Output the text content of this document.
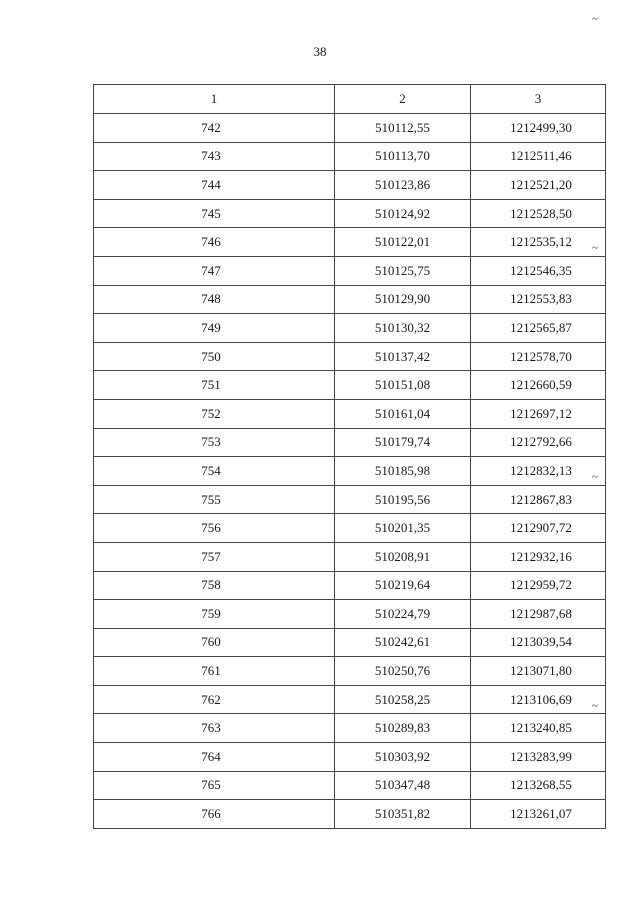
38
~
~
~
~
1	2	3
742	510112,55	1212499,30
743	510113,70	1212511,46
744	510123,86	1212521,20
745	510124,92	1212528,50
746	510122,01	1212535,12
747	510125,75	1212546,35
748	510129,90	1212553,83
749	510130,32	1212565,87
750	510137,42	1212578,70
751	510151,08	1212660,59
752	510161,04	1212697,12
753	510179,74	1212792,66
754	510185,98	1212832,13
755	510195,56	1212867,83
756	510201,35	1212907,72
757	510208,91	1212932,16
758	510219,64	1212959,72
759	510224,79	1212987,68
760	510242,61	1213039,54
761	510250,76	1213071,80
762	510258,25	1213106,69
763	510289,83	1213240,85
764	510303,92	1213283,99
765	510347,48	1213268,55
766	510351,82	1213261,07
